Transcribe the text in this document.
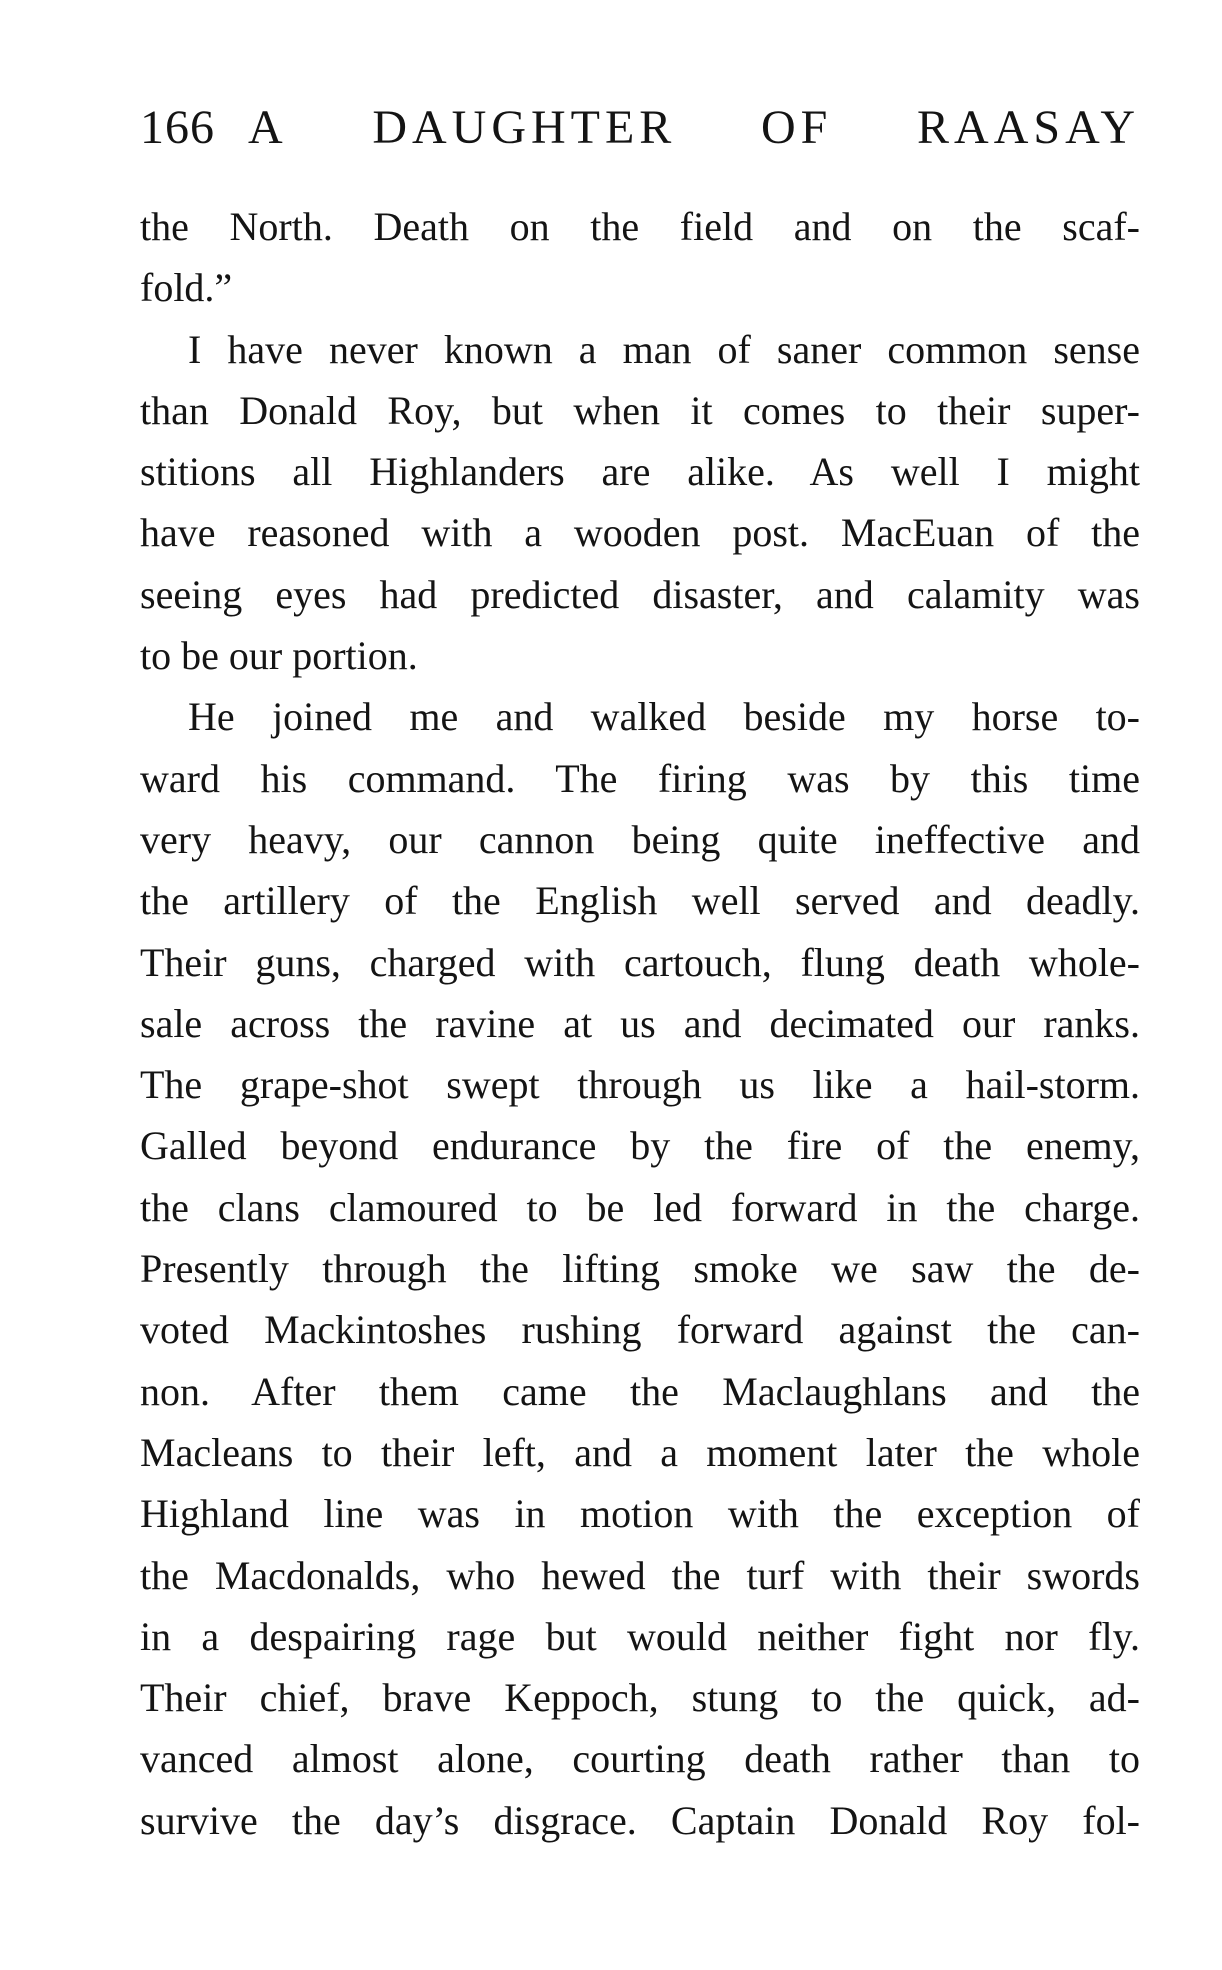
166 A DAUGHTER OF RAASAY
the North. Death on the field and on the scaf-
fold.”
I have never known a man of saner common sense
than Donald Roy, but when it comes to their super-
stitions all Highlanders are alike. As well I might
have reasoned with a wooden post. MacEuan of the
seeing eyes had predicted disaster, and calamity was
to be our portion.
He joined me and walked beside my horse to-
ward his command. The firing was by this time
very heavy, our cannon being quite ineffective and
the artillery of the English well served and deadly.
Their guns, charged with cartouch, flung death whole-
sale across the ravine at us and decimated our ranks.
The grape-shot swept through us like a hail-storm.
Galled beyond endurance by the fire of the enemy,
the clans clamoured to be led forward in the charge.
Presently through the lifting smoke we saw the de-
voted Mackintoshes rushing forward against the can-
non. After them came the Maclaughlans and the
Macleans to their left, and a moment later the whole
Highland line was in motion with the exception of
the Macdonalds, who hewed the turf with their swords
in a despairing rage but would neither fight nor fly.
Their chief, brave Keppoch, stung to the quick, ad-
vanced almost alone, courting death rather than to
survive the day’s disgrace. Captain Donald Roy fol-
